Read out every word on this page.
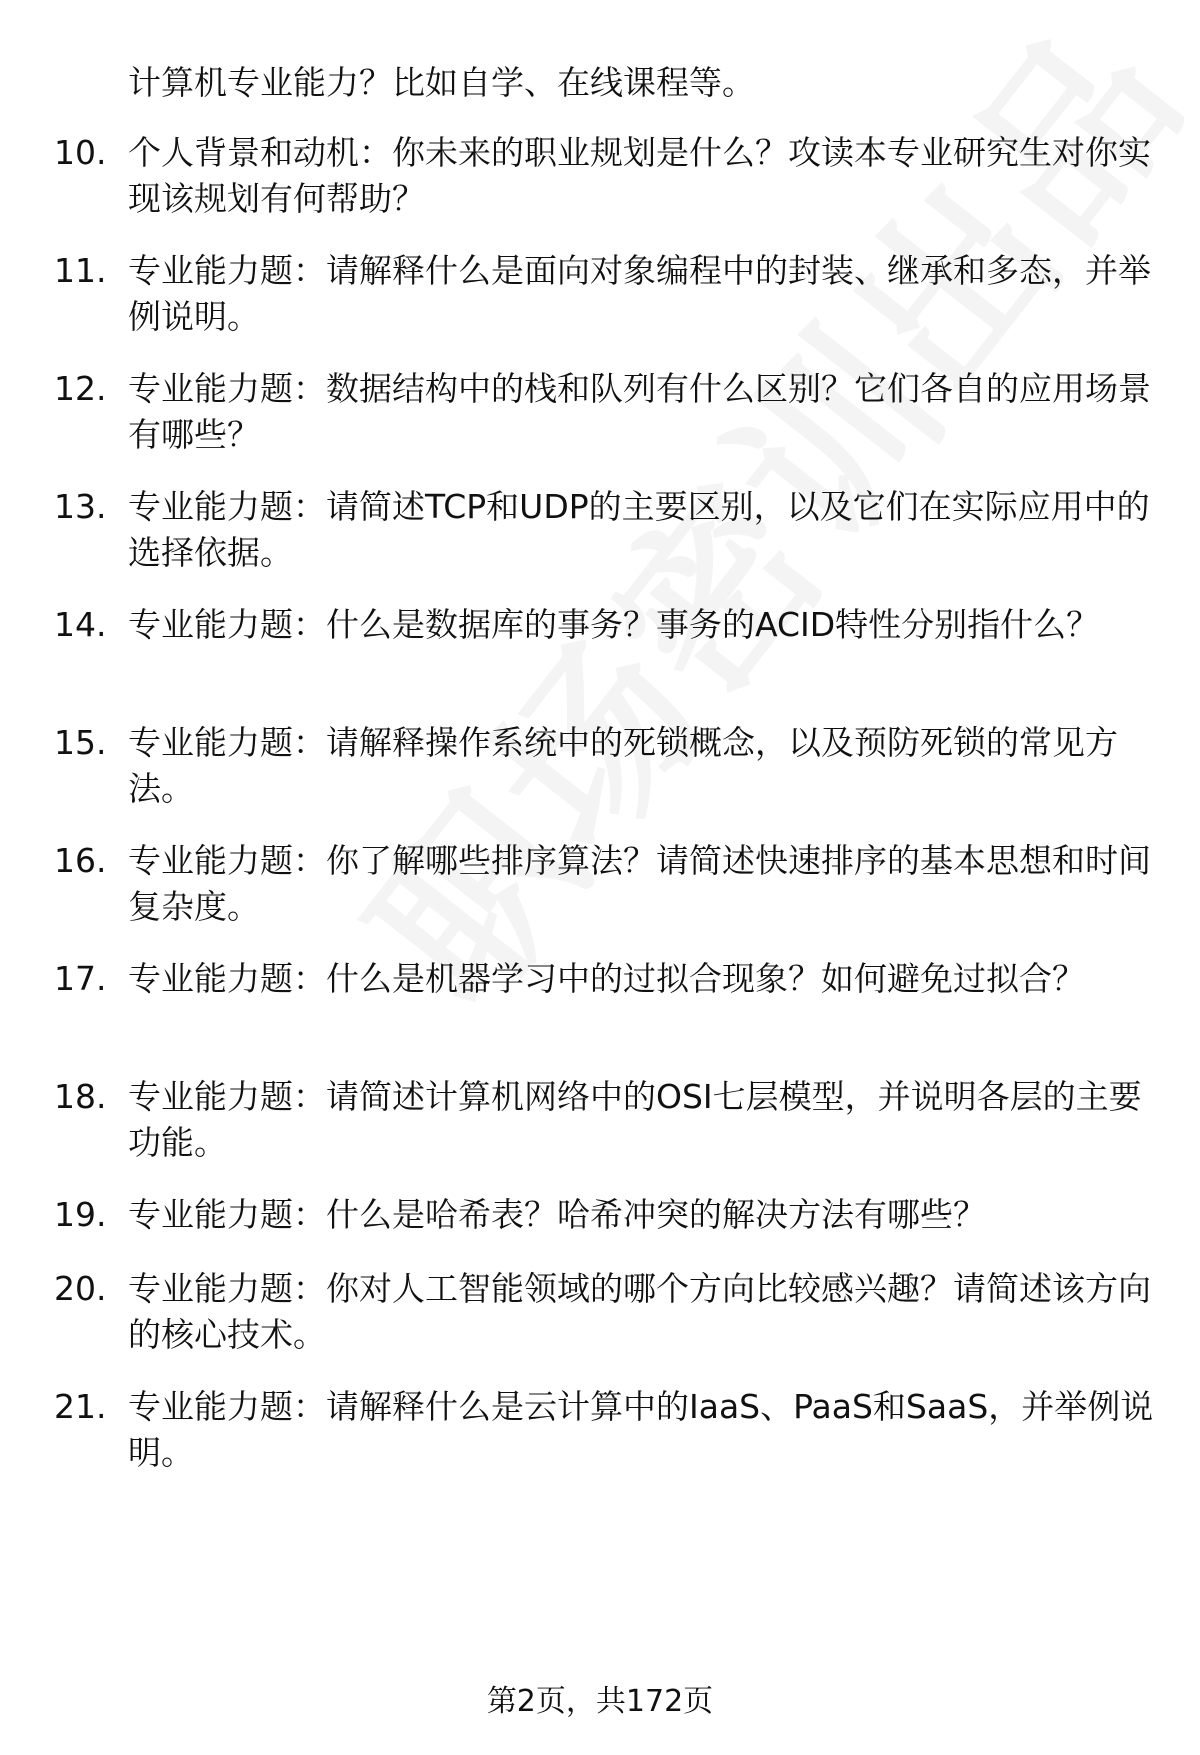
计算机专业能力？比如自学、在线课程等。
10. 个人背景和动机：你未来的职业规划是什么？攻读本专业研究生对你实现该规划有何帮助？
11. 专业能力题：请解释什么是面向对象编程中的封装、继承和多态，并举例说明。
12. 专业能力题：数据结构中的栈和队列有什么区别？它们各自的应用场景有哪些？
13. 专业能力题：请简述TCP和UDP的主要区别，以及它们在实际应用中的选择依据。
14. 专业能力题：什么是数据库的事务？事务的ACID特性分别指什么？
15. 专业能力题：请解释操作系统中的死锁概念，以及预防死锁的常见方法。
16. 专业能力题：你了解哪些排序算法？请简述快速排序的基本思想和时间复杂度。
17. 专业能力题：什么是机器学习中的过拟合现象？如何避免过拟合？
18. 专业能力题：请简述计算机网络中的OSI七层模型，并说明各层的主要功能。
19. 专业能力题：什么是哈希表？哈希冲突的解决方法有哪些？
20. 专业能力题：你对人工智能领域的哪个方向比较感兴趣？请简述该方向的核心技术。
21. 专业能力题：请解释什么是云计算中的IaaS、PaaS和SaaS，并举例说明。
第2页，共172页
